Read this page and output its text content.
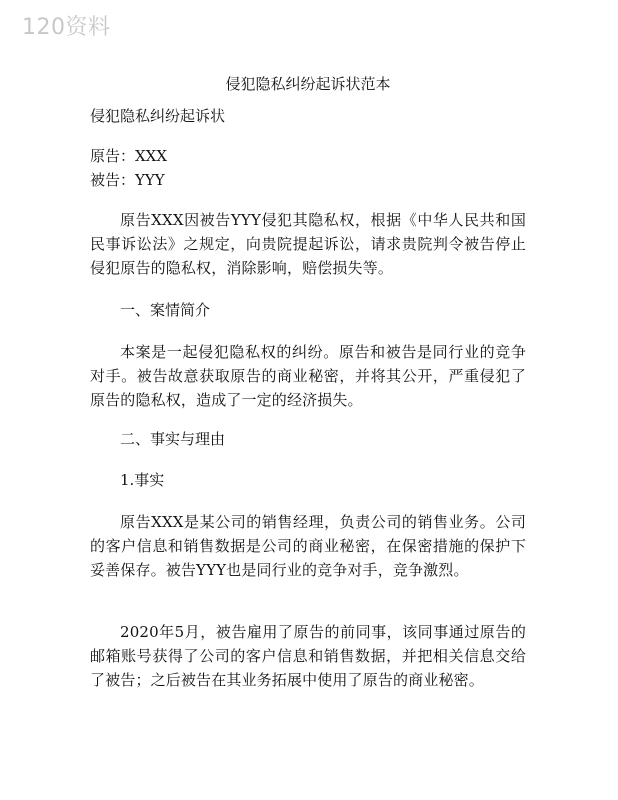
120资料
侵犯隐私纠纷起诉状范本

侵犯隐私纠纷起诉状

原告：XXX

被告：YYY

原告XXX因被告YYY侵犯其隐私权，根据《中华人民共和国民事诉讼法》之规定，向贵院提起诉讼，请求贵院判令被告停止侵犯原告的隐私权，消除影响，赔偿损失等。

一、案情简介

本案是一起侵犯隐私权的纠纷。原告和被告是同行业的竞争对手。被告故意获取原告的商业秘密，并将其公开，严重侵犯了原告的隐私权，造成了一定的经济损失。

二、事实与理由

1.事实

原告XXX是某公司的销售经理，负责公司的销售业务。公司的客户信息和销售数据是公司的商业秘密，在保密措施的保护下妥善保存。被告YYY也是同行业的竞争对手，竞争激烈。

2020年5月，被告雇用了原告的前同事，该同事通过原告的邮箱账号获得了公司的客户信息和销售数据，并把相关信息交给了被告；之后被告在其业务拓展中使用了原告的商业秘密。
